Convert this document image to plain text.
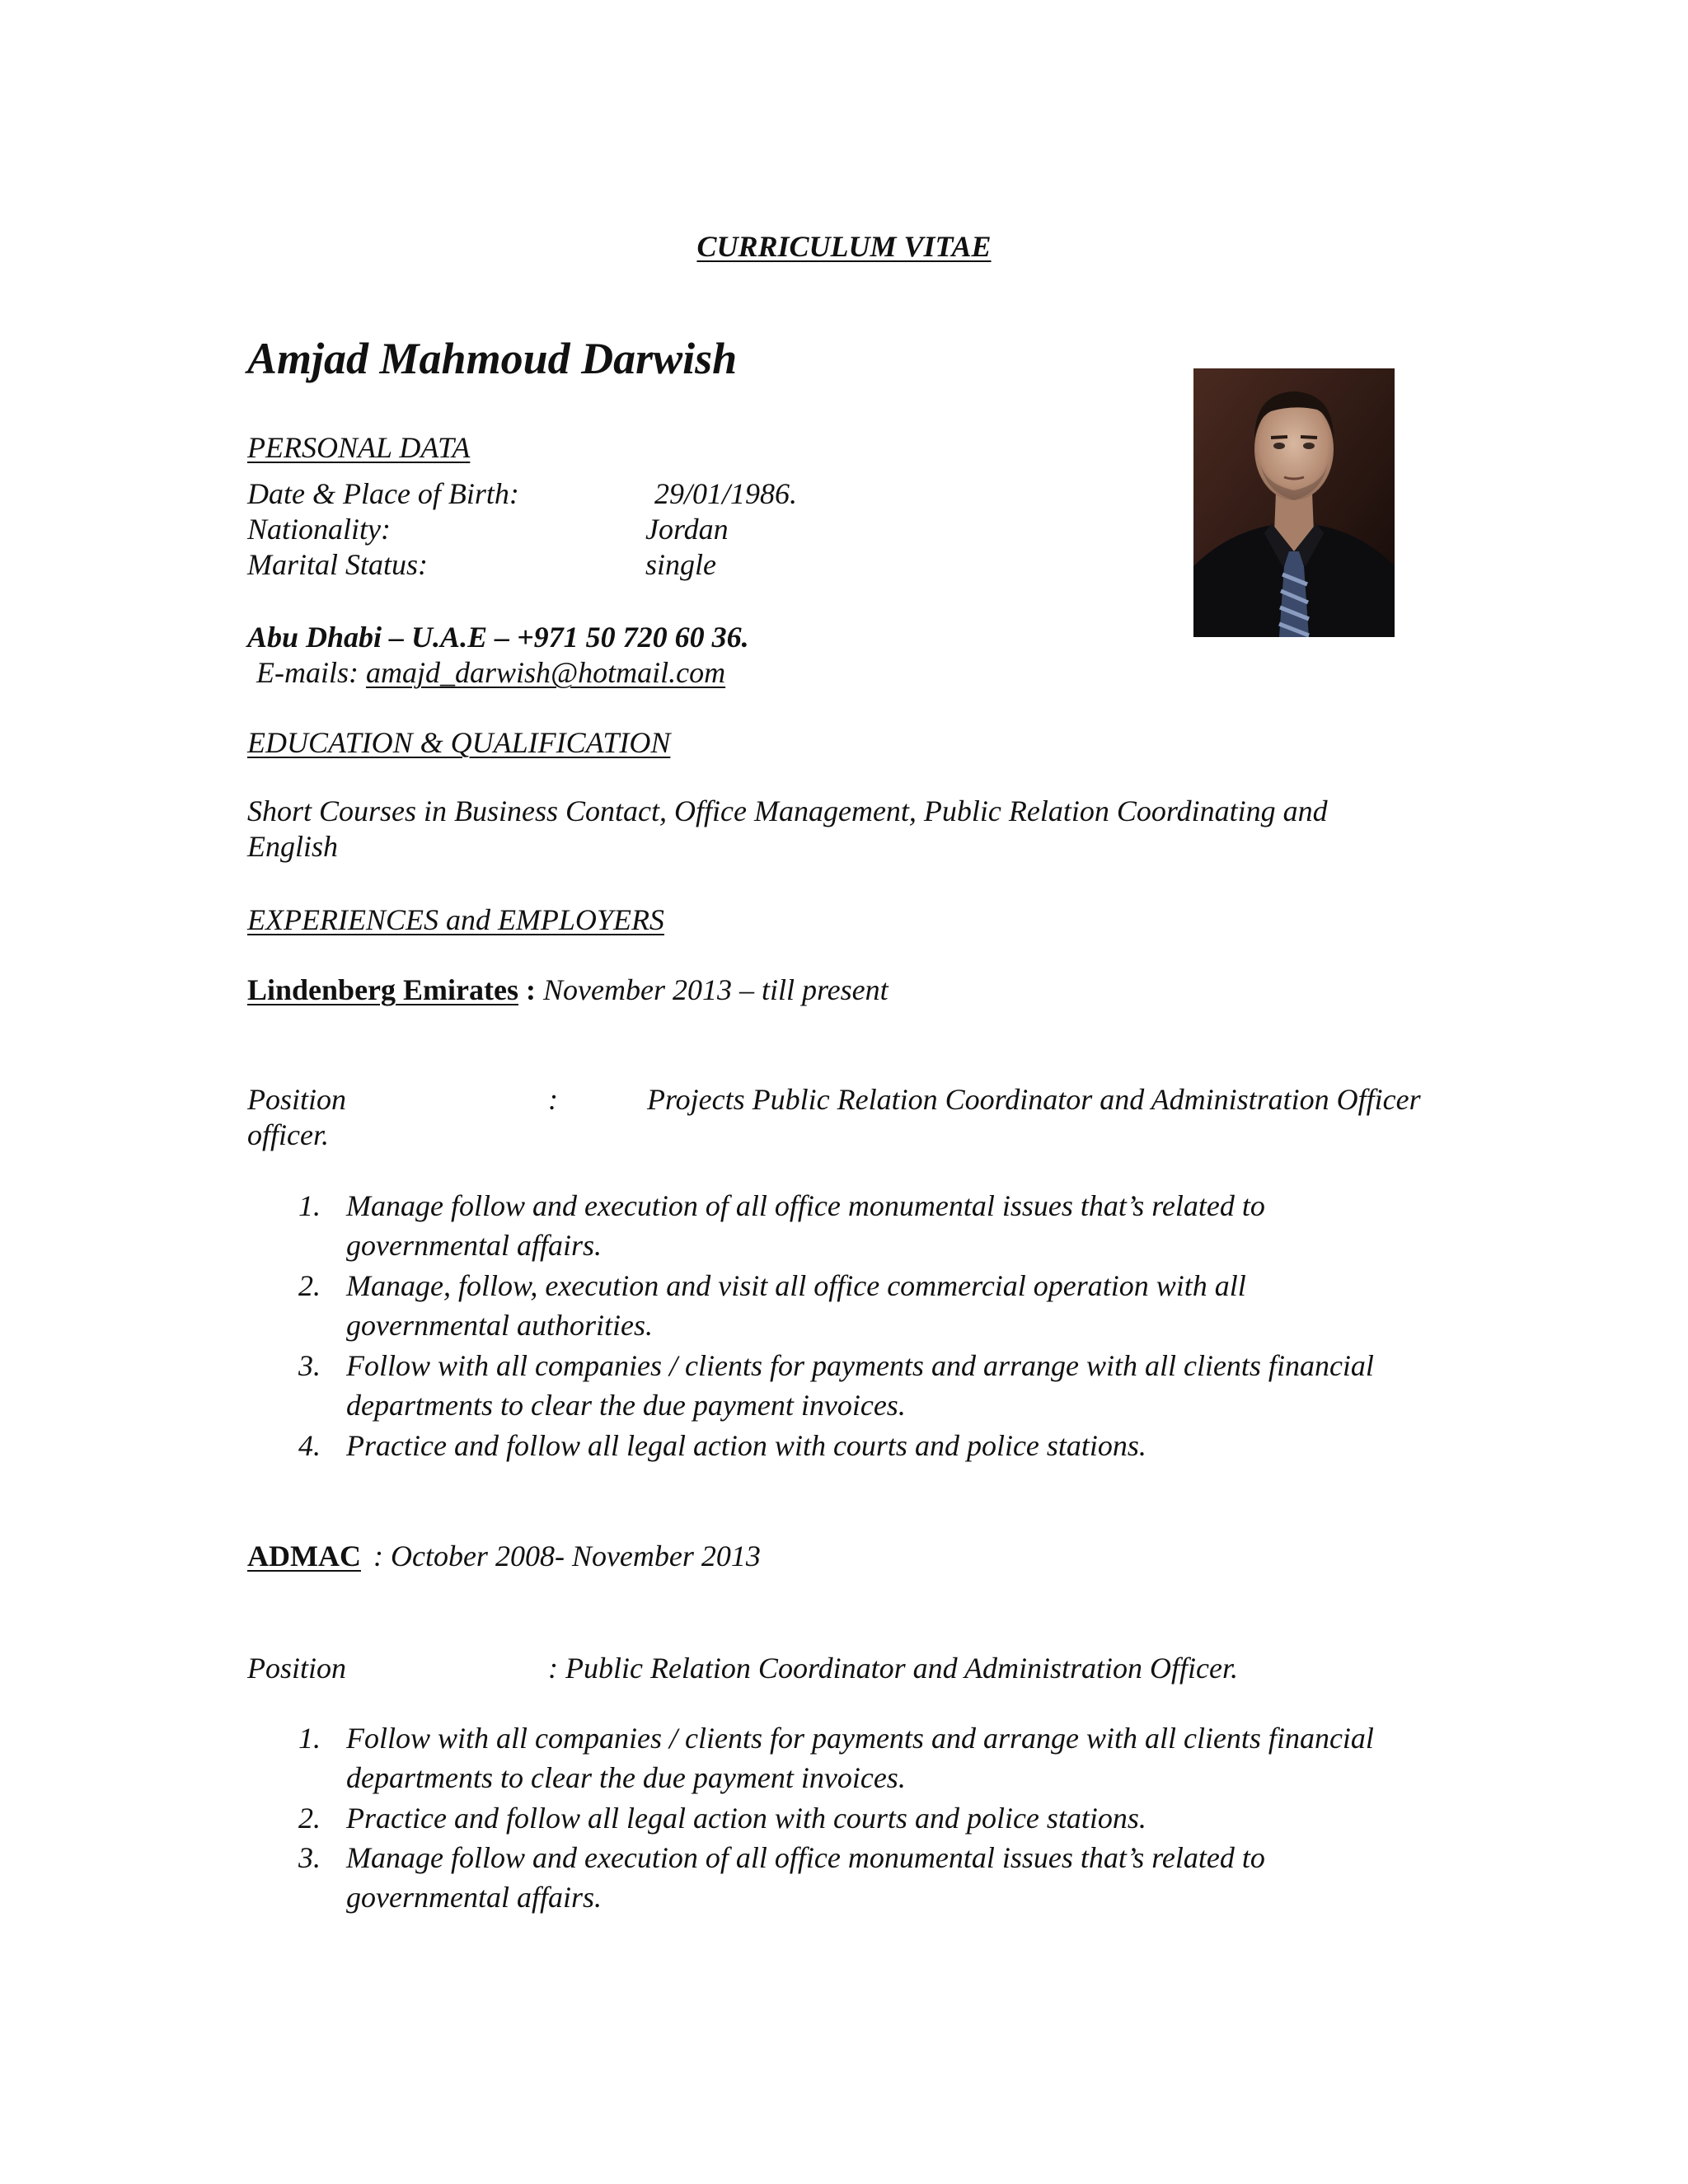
CURRICULUM VITAE
Amjad Mahmoud Darwish
PERSONAL DATA
Date & Place of Birth:	29/01/1986.
Nationality:	Jordan
Marital Status:	single
Abu Dhabi – U.A.E – +971 50 720 60 36.
E-mails: amajd_darwish@hotmail.com
EDUCATION & QUALIFICATION
Short Courses in Business Contact, Office Management, Public Relation Coordinating and
English
EXPERIENCES and EMPLOYERS
Lindenberg Emirates : November 2013 – till present
Position	:	Projects Public Relation Coordinator and Administration Officer
officer.
1. Manage follow and execution of all office monumental issues that’s related to
governmental affairs.
2. Manage, follow, execution and visit all office commercial operation with all
governmental authorities.
3. Follow with all companies / clients for payments and arrange with all clients financial
departments to clear the due payment invoices.
4. Practice and follow all legal action with courts and police stations.
ADMAC : October 2008- November 2013
Position	: Public Relation Coordinator and Administration Officer.
1. Follow with all companies / clients for payments and arrange with all clients financial
departments to clear the due payment invoices.
2. Practice and follow all legal action with courts and police stations.
3. Manage follow and execution of all office monumental issues that’s related to
governmental affairs.
